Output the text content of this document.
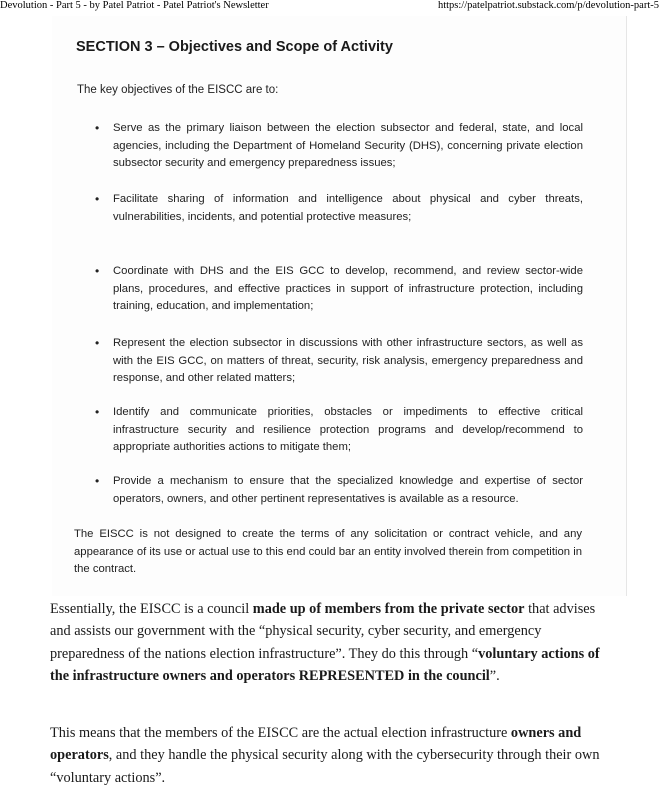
Devolution - Part 5 - by Patel Patriot - Patel Patriot's Newsletter	https://patelpatriot.substack.com/p/devolution-part-5
SECTION 3 – Objectives and Scope of Activity
The key objectives of the EISCC are to:
• Serve as the primary liaison between the election subsector and federal, state, and local agencies, including the Department of Homeland Security (DHS), concerning private election subsector security and emergency preparedness issues;
• Facilitate sharing of information and intelligence about physical and cyber threats, vulnerabilities, incidents, and potential protective measures;
• Coordinate with DHS and the EIS GCC to develop, recommend, and review sector-wide plans, procedures, and effective practices in support of infrastructure protection, including training, education, and implementation;
• Represent the election subsector in discussions with other infrastructure sectors, as well as with the EIS GCC, on matters of threat, security, risk analysis, emergency preparedness and response, and other related matters;
• Identify and communicate priorities, obstacles or impediments to effective critical infrastructure security and resilience protection programs and develop/recommend to appropriate authorities actions to mitigate them;
• Provide a mechanism to ensure that the specialized knowledge and expertise of sector operators, owners, and other pertinent representatives is available as a resource.
The EISCC is not designed to create the terms of any solicitation or contract vehicle, and any appearance of its use or actual use to this end could bar an entity involved therein from competition in the contract.

Essentially, the EISCC is a council made up of members from the private sector that advises and assists our government with the “physical security, cyber security, and emergency preparedness of the nations election infrastructure”. They do this through “voluntary actions of the infrastructure owners and operators REPRESENTED in the council”.

This means that the members of the EISCC are the actual election infrastructure owners and operators, and they handle the physical security along with the cybersecurity through their own “voluntary actions”.
